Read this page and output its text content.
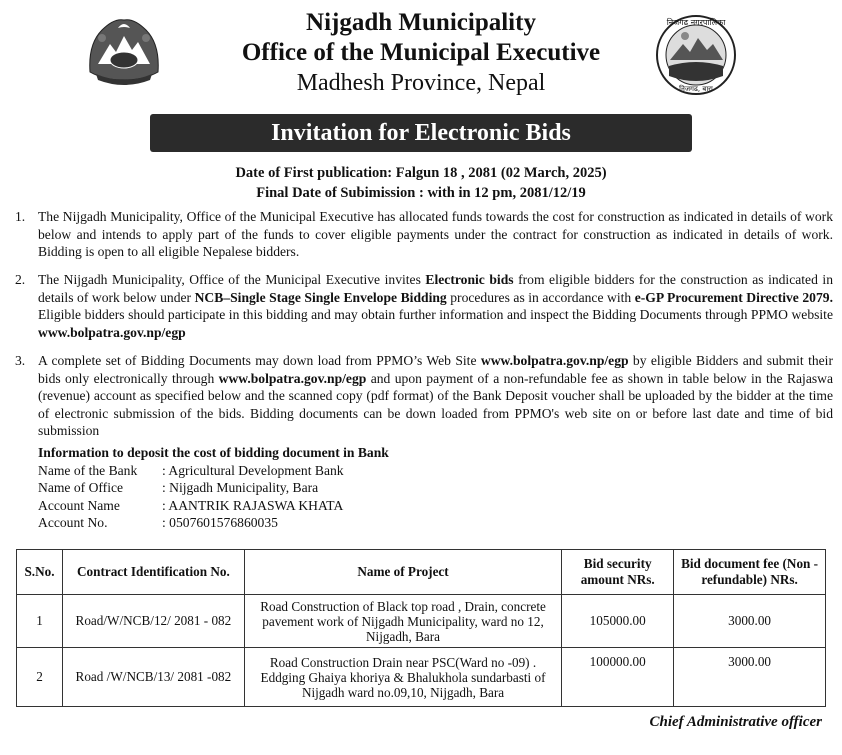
निजगढ नगरपालिका
निजगढ, बारा
Nijgadh Municipality
Office of the Municipal Executive
Madhesh Province, Nepal
Invitation for Electronic Bids
Date of First publication: Falgun 18 , 2081 (02 March, 2025)
Final Date of Subimission : with in 12 pm, 2081/12/19
1. The Nijgadh Municipality, Office of the Municipal Executive has allocated funds towards the cost for construction as indicated in details of work below and intends to apply part of the funds to cover eligible payments under the contract for construction as indicated in details of work. Bidding is open to all eligible Nepalese bidders.
2. The Nijgadh Municipality, Office of the Municipal Executive invites Electronic bids from eligible bidders for the construction as indicated in details of work below under NCB–Single Stage Single Envelope Bidding procedures as in accordance with e-GP Procurement Directive 2079. Eligible bidders should participate in this bidding and may obtain further information and inspect the Bidding Documents through PPMO website www.bolpatra.gov.np/egp
3. A complete set of Bidding Documents may down load from PPMO’s Web Site www.bolpatra.gov.np/egp by eligible Bidders and submit their bids only electronically through www.bolpatra.gov.np/egp and upon payment of a non-refundable fee as shown in table below in the Rajaswa (revenue) account as specified below and the scanned copy (pdf format) of the Bank Deposit voucher shall be uploaded by the bidder at the time of electronic submission of the bids. Bidding documents can be down loaded from PPMO's web site on or before last date and time of bid submission
Information to deposit the cost of bidding document in Bank
Name of the Bank	: Agricultural Development Bank
Name of Office	: Nijgadh Municipality, Bara
Account Name	: AANTRIK RAJASWA KHATA
Account No.	: 0507601576860035
S.No.	Contract Identification No.	Name of Project	Bid security amount NRs.	Bid document fee (Non - refundable) NRs.
1	Road/W/NCB/12/ 2081 - 082	Road Construction of Black top road , Drain, concrete pavement work of Nijgadh Municipality, ward no 12, Nijgadh, Bara	105000.00	3000.00
2	Road /W/NCB/13/ 2081 -082	Road Construction Drain near PSC(Ward no -09) . Eddging Ghaiya khoriya & Bhalukhola sundarbasti of Nijgadh ward no.09,10, Nijgadh, Bara	100000.00	3000.00
Chief Administrative officer
